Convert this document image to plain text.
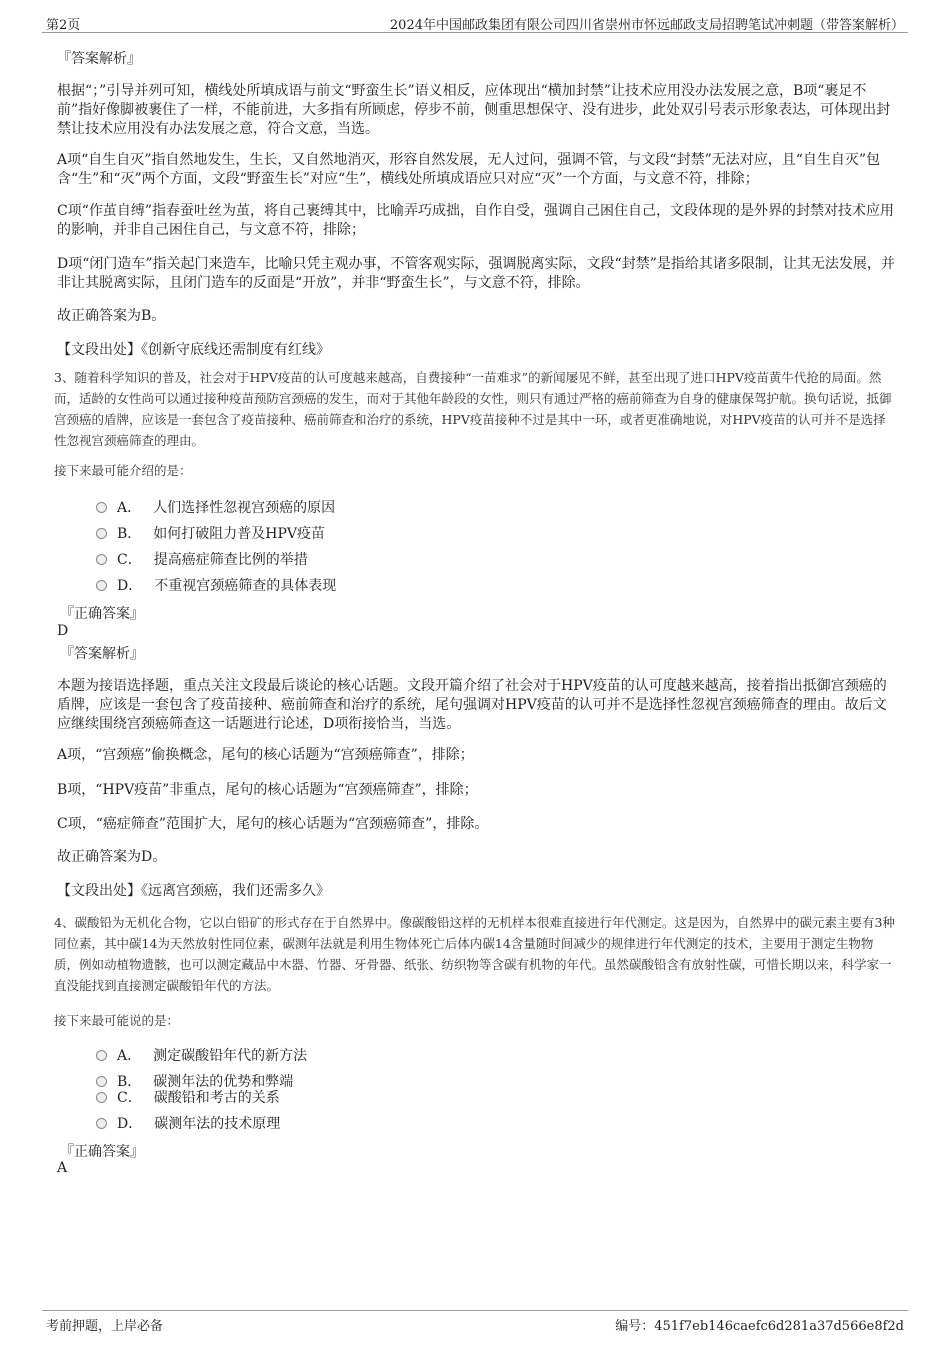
第2页	2024年中国邮政集团有限公司四川省崇州市怀远邮政支局招聘笔试冲刺题（带答案解析）
『答案解析』
根据“；”引导并列可知，横线处所填成语与前文“野蛮生长”语义相反，应体现出“横加封禁”让技术应用没办法发展之意，B项“裹足不前”指好像脚被裹住了一样，不能前进，大多指有所顾虑，停步不前，侧重思想保守、没有进步，此处双引号表示形象表达，可体现出封禁让技术应用没有办法发展之意，符合文意，当选。
A项“自生自灭”指自然地发生，生长，又自然地消灭，形容自然发展，无人过问，强调不管，与文段“封禁”无法对应，且“自生自灭”包含“生”和“灭”两个方面，文段“野蛮生长”对应“生”，横线处所填成语应只对应“灭”一个方面，与文意不符，排除；
C项“作茧自缚”指春蚕吐丝为茧，将自己裹缚其中，比喻弄巧成拙，自作自受，强调自己困住自己，文段体现的是外界的封禁对技术应用的影响，并非自己困住自己，与文意不符，排除；
D项“闭门造车”指关起门来造车，比喻只凭主观办事，不管客观实际，强调脱离实际，文段“封禁”是指给其诸多限制，让其无法发展，并非让其脱离实际，且闭门造车的反面是“开放”，并非“野蛮生长”，与文意不符，排除。
故正确答案为B。
【文段出处】《创新守底线还需制度有红线》
3、随着科学知识的普及，社会对于HPV疫苗的认可度越来越高，自费接种“一苗难求”的新闻屡见不鲜，甚至出现了进口HPV疫苗黄牛代抢的局面。然而，适龄的女性尚可以通过接种疫苗预防宫颈癌的发生，而对于其他年龄段的女性，则只有通过严格的癌前筛查为自身的健康保驾护航。换句话说，抵御宫颈癌的盾牌，应该是一套包含了疫苗接种、癌前筛查和治疗的系统，HPV疫苗接种不过是其中一环，或者更准确地说，对HPV疫苗的认可并不是选择性忽视宫颈癌筛查的理由。
接下来最可能介绍的是：
A． 人们选择性忽视宫颈癌的原因
B． 如何打破阻力普及HPV疫苗
C． 提高癌症筛查比例的举措
D． 不重视宫颈癌筛查的具体表现
『正确答案』
D
『答案解析』
本题为接语选择题，重点关注文段最后谈论的核心话题。文段开篇介绍了社会对于HPV疫苗的认可度越来越高，接着指出抵御宫颈癌的盾牌，应该是一套包含了疫苗接种、癌前筛查和治疗的系统，尾句强调对HPV疫苗的认可并不是选择性忽视宫颈癌筛查的理由。故后文应继续围绕宫颈癌筛查这一话题进行论述，D项衔接恰当，当选。
A项，“宫颈癌”偷换概念，尾句的核心话题为“宫颈癌筛查”，排除；
B项，“HPV疫苗”非重点，尾句的核心话题为“宫颈癌筛查”，排除；
C项，“癌症筛查”范围扩大，尾句的核心话题为“宫颈癌筛查”，排除。
故正确答案为D。
【文段出处】《远离宫颈癌，我们还需多久》
4、碳酸铅为无机化合物，它以白铅矿的形式存在于自然界中。像碳酸铅这样的无机样本很难直接进行年代测定。这是因为，自然界中的碳元素主要有3种同位素，其中碳14为天然放射性同位素，碳测年法就是利用生物体死亡后体内碳14含量随时间减少的规律进行年代测定的技术，主要用于测定生物物质，例如动植物遗骸，也可以测定藏品中木器、竹器、牙骨器、纸张、纺织物等含碳有机物的年代。虽然碳酸铅含有放射性碳，可惜长期以来，科学家一直没能找到直接测定碳酸铅年代的方法。
接下来最可能说的是：
A． 测定碳酸铅年代的新方法
B． 碳测年法的优势和弊端
C． 碳酸铅和考古的关系
D． 碳测年法的技术原理
『正确答案』
A
考前押题，上岸必备	编号：451f7eb146caefc6d281a37d566e8f2d
